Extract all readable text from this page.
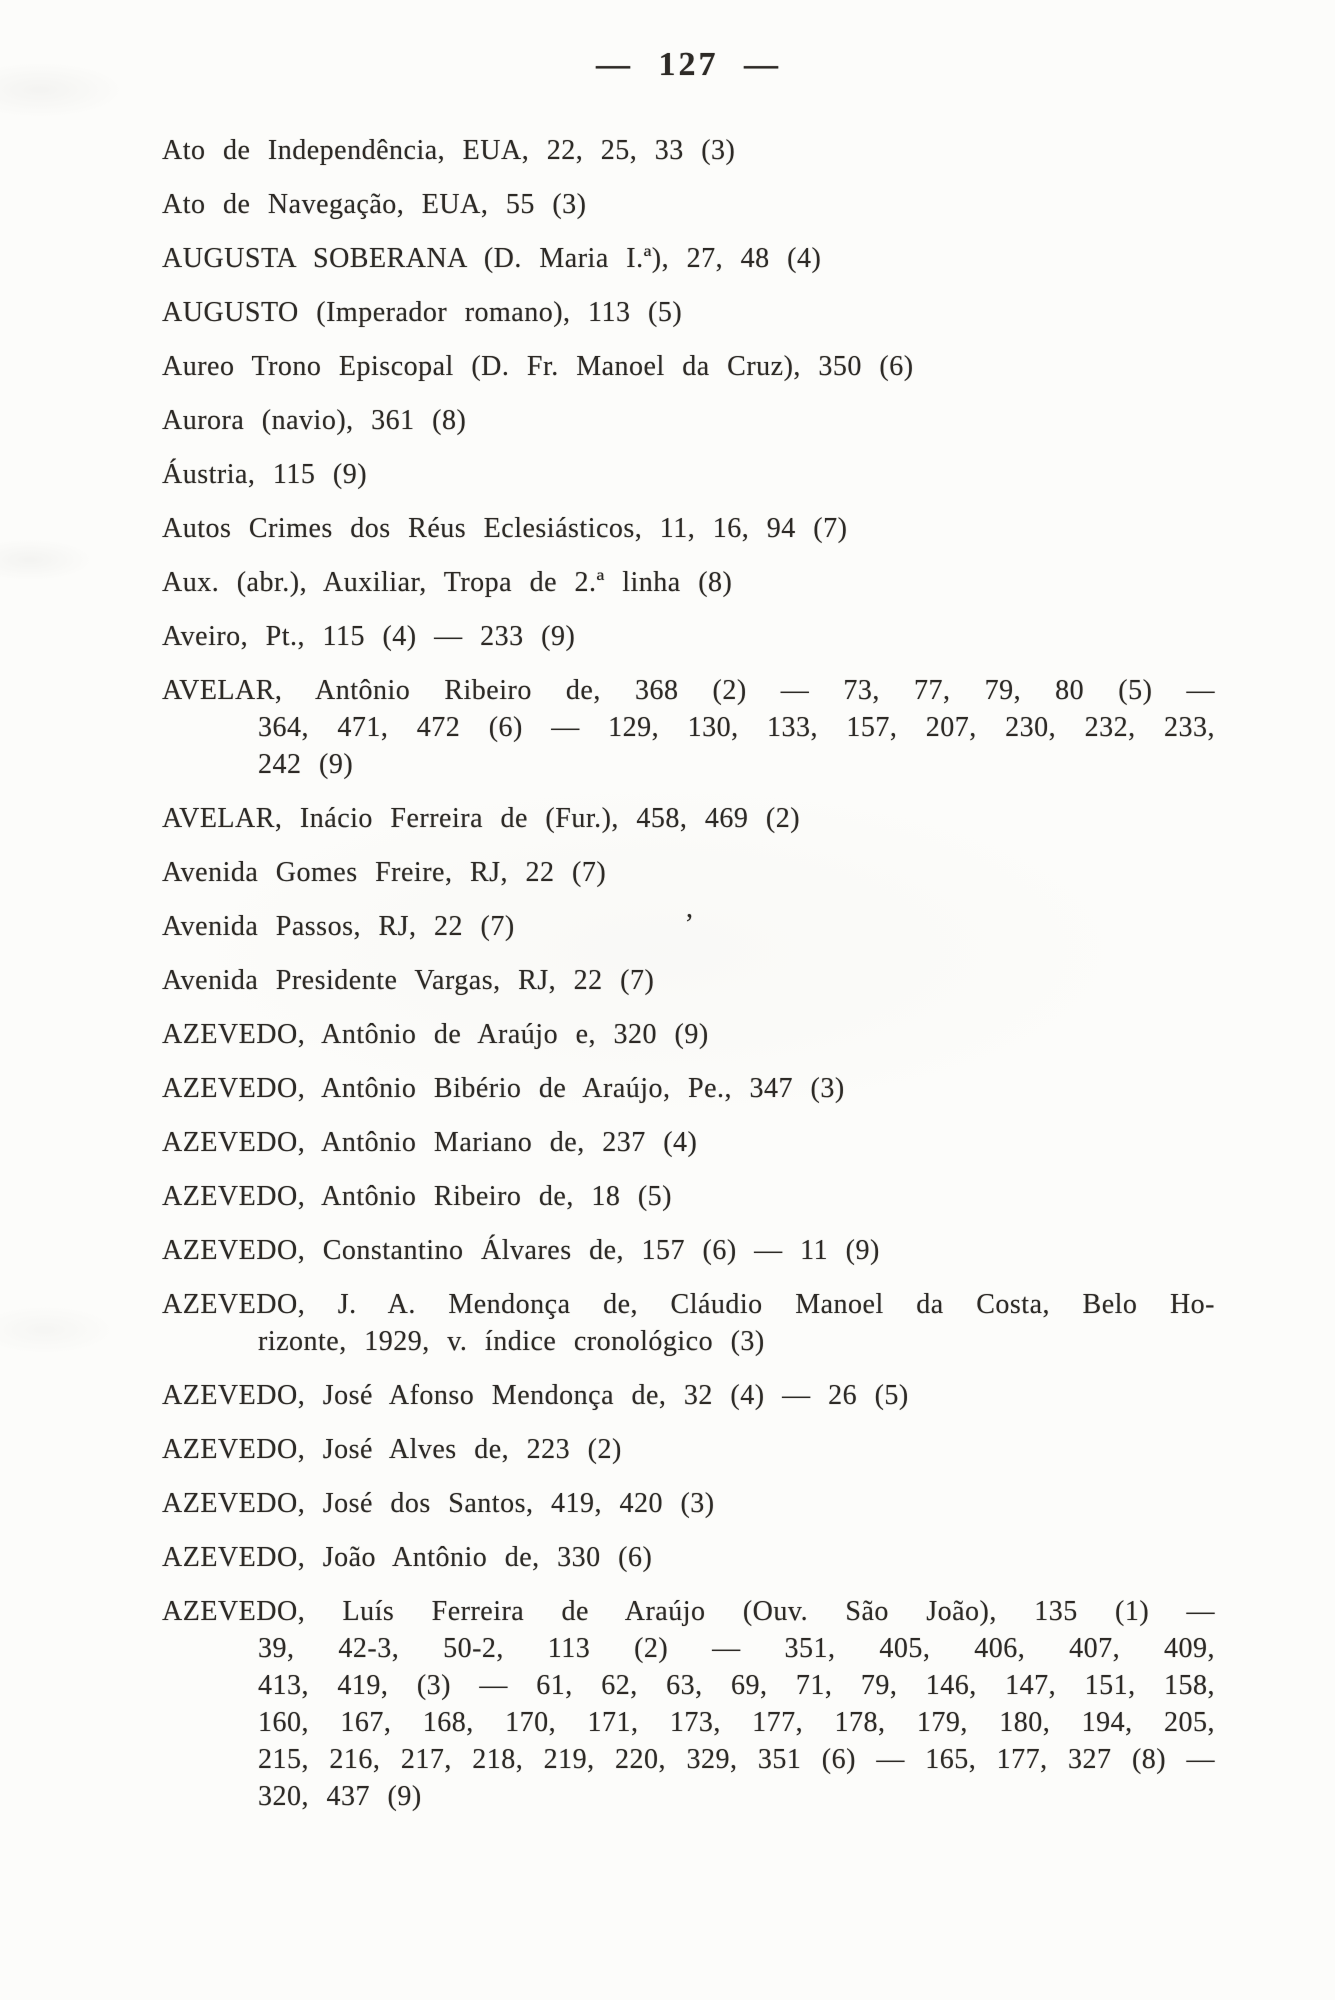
— 127 —
Ato de Independência, EUA, 22, 25, 33 (3)
Ato de Navegação, EUA, 55 (3)
AUGUSTA SOBERANA (D. Maria I.ª), 27, 48 (4)
AUGUSTO (Imperador romano), 113 (5)
Aureo Trono Episcopal (D. Fr. Manoel da Cruz), 350 (6)
Aurora (navio), 361 (8)
Áustria, 115 (9)
Autos Crimes dos Réus Eclesiásticos, 11, 16, 94 (7)
Aux. (abr.), Auxiliar, Tropa de 2.ª linha (8)
Aveiro, Pt., 115 (4) — 233 (9)
AVELAR, Antônio Ribeiro de, 368 (2) — 73, 77, 79, 80 (5) —
364, 471, 472 (6) — 129, 130, 133, 157, 207, 230, 232, 233,
242 (9)
AVELAR, Inácio Ferreira de (Fur.), 458, 469 (2)
Avenida Gomes Freire, RJ, 22 (7)
Avenida Passos, RJ, 22 (7)
Avenida Presidente Vargas, RJ, 22 (7)
AZEVEDO, Antônio de Araújo e, 320 (9)
AZEVEDO, Antônio Bibério de Araújo, Pe., 347 (3)
AZEVEDO, Antônio Mariano de, 237 (4)
AZEVEDO, Antônio Ribeiro de, 18 (5)
AZEVEDO, Constantino Álvares de, 157 (6) — 11 (9)
AZEVEDO, J. A. Mendonça de, Cláudio Manoel da Costa, Belo Ho-
rizonte, 1929, v. índice cronológico (3)
AZEVEDO, José Afonso Mendonça de, 32 (4) — 26 (5)
AZEVEDO, José Alves de, 223 (2)
AZEVEDO, José dos Santos, 419, 420 (3)
AZEVEDO, João Antônio de, 330 (6)
AZEVEDO, Luís Ferreira de Araújo (Ouv. São João), 135 (1) —
39, 42-3, 50-2, 113 (2) — 351, 405, 406, 407, 409,
413, 419, (3) — 61, 62, 63, 69, 71, 79, 146, 147, 151, 158,
160, 167, 168, 170, 171, 173, 177, 178, 179, 180, 194, 205,
215, 216, 217, 218, 219, 220, 329, 351 (6) — 165, 177, 327 (8) —
320, 437 (9)
,
